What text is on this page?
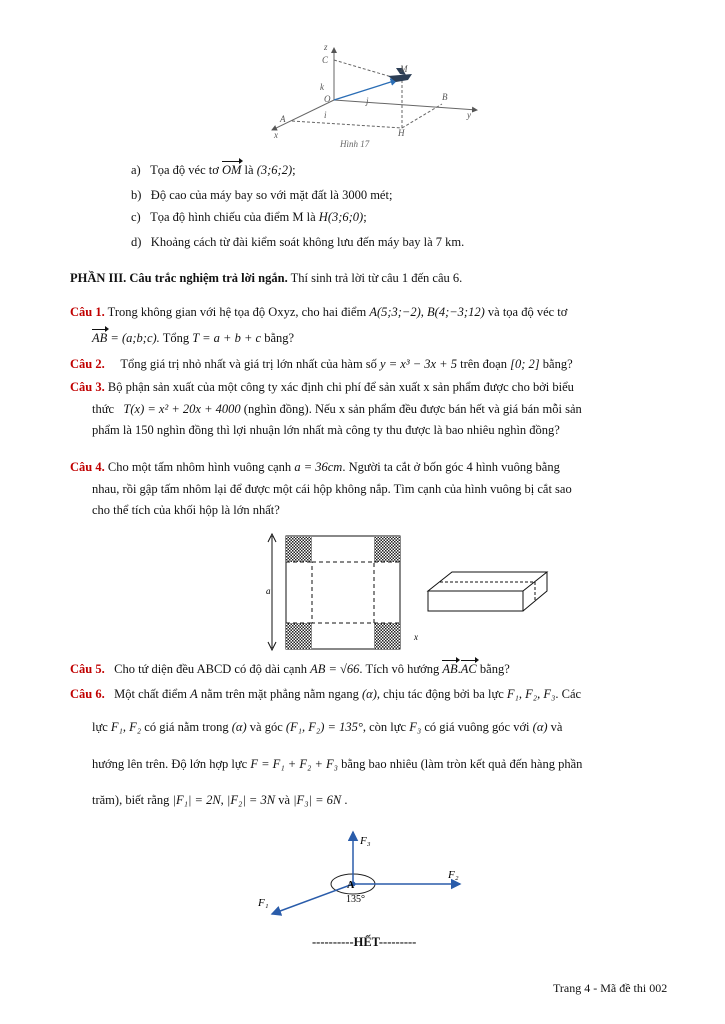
z
C
M
k
O	j	B
y
A	i
H
x
Hình 17
a) Tọa độ véc tơ OM là (3;6;2);
b) Độ cao của máy bay so với mặt đất là 3000 mét;
c) Tọa độ hình chiếu của điểm M là H(3;6;0);
d) Khoảng cách từ đài kiểm soát không lưu đến máy bay là 7 km.
PHẦN III. Câu trắc nghiệm trả lời ngắn. Thí sinh trả lời từ câu 1 đến câu 6.
Câu 1. Trong không gian với hệ tọa độ Oxyz, cho hai điểm A(5;3;−2), B(4;−3;12) và tọa độ véc tơ
AB = (a;b;c). Tổng T = a + b + c bằng?
Câu 2. Tổng giá trị nhỏ nhất và giá trị lớn nhất của hàm số y = x³ − 3x + 5 trên đoạn [0; 2] bằng?
Câu 3. Bộ phận sản xuất của một công ty xác định chi phí để sản xuất x sản phẩm được cho bởi biểu
thức   T(x) = x² + 20x + 4000 (nghìn đồng). Nếu x sản phẩm đều được bán hết và giá bán mỗi sản
phẩm là 150 nghìn đồng thì lợi nhuận lớn nhất mà công ty thu được là bao nhiêu nghìn đồng?
Câu 4. Cho một tấm nhôm hình vuông cạnh a = 36cm. Người ta cắt ở bốn góc 4 hình vuông bằng
nhau, rồi gập tấm nhôm lại để được một cái hộp không nắp. Tìm cạnh của hình vuông bị cắt sao
cho thể tích của khối hộp là lớn nhất?
a
x
Câu 5. Cho tứ diện đều ABCD có độ dài cạnh AB = √66. Tích vô hướng AB.AC bằng?
Câu 6. Một chất điểm A nằm trên mặt phẳng nằm ngang (α), chịu tác động bởi ba lực F₁, F₂, F₃. Các
lực F₁, F₂ có giá nằm trong (α) và góc (F₁, F₂) = 135°, còn lực F₃ có giá vuông góc với (α) và
hướng lên trên. Độ lớn hợp lực F = F₁ + F₂ + F₃ bằng bao nhiêu (làm tròn kết quả đến hàng phần
trăm), biết rằng |F₁| = 2N, |F₂| = 3N và |F₃| = 6N .
F₃
F₂
F₁
A
135°
----------HẾT---------
Trang 4 - Mã đề thi 002
